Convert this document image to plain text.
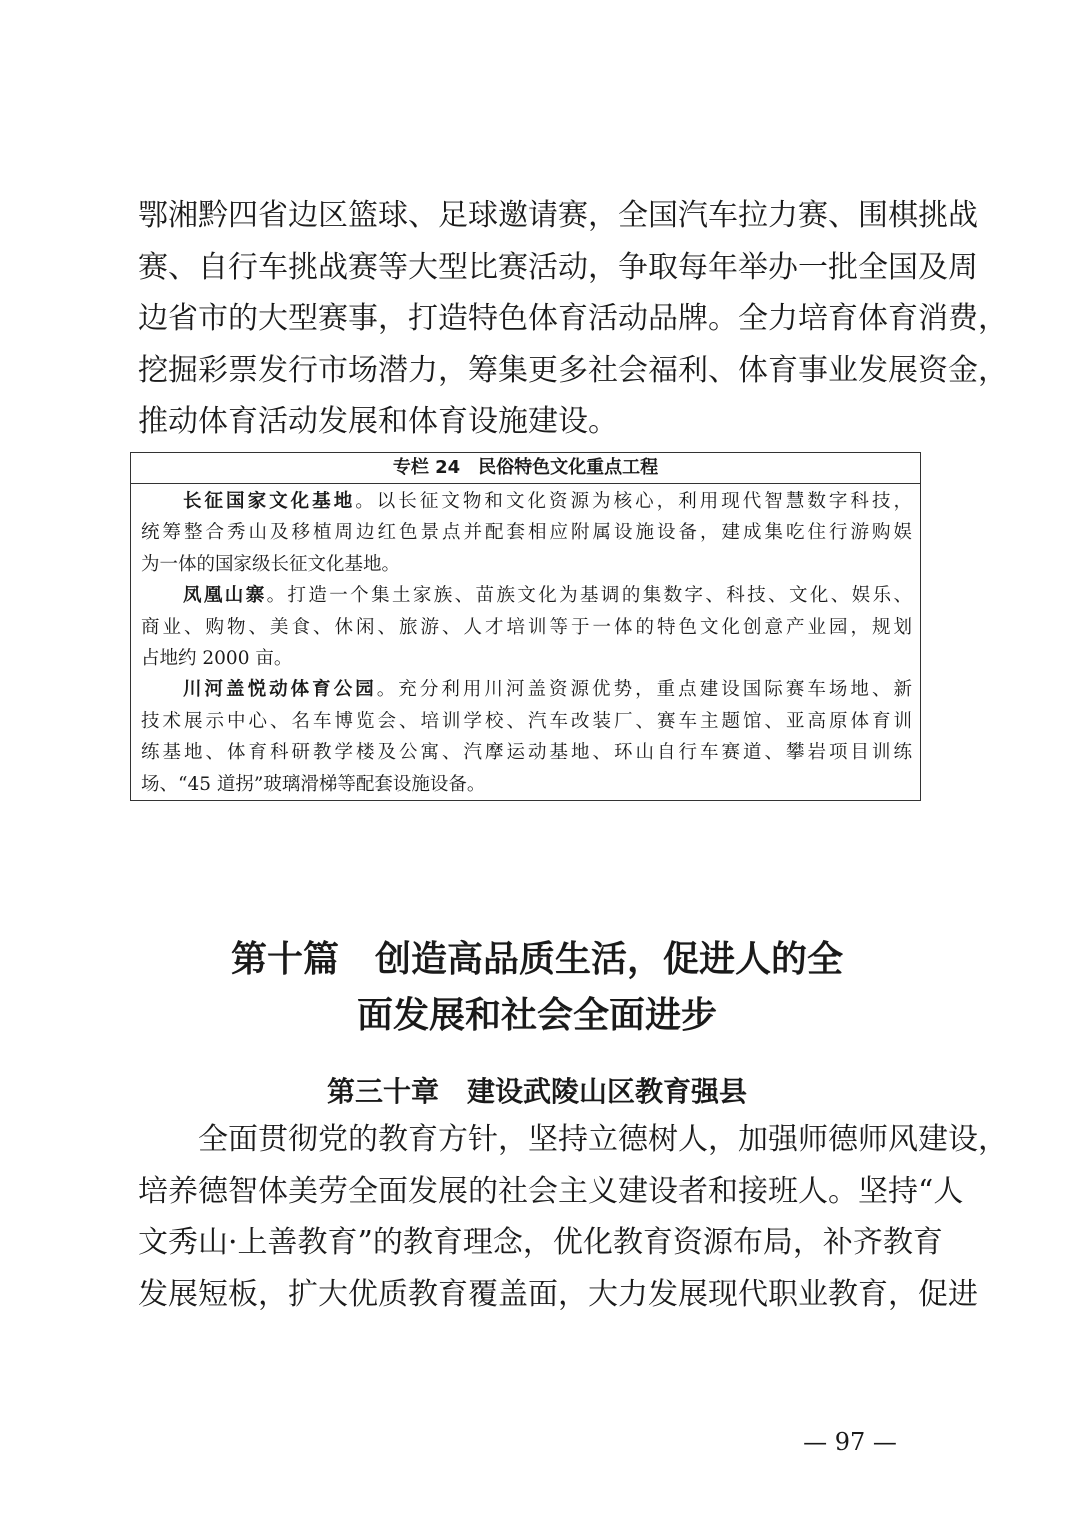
鄂湘黔四省边区篮球、足球邀请赛，全国汽车拉力赛、围棋挑战
赛、自行车挑战赛等大型比赛活动，争取每年举办一批全国及周
边省市的大型赛事，打造特色体育活动品牌。全力培育体育消费，
挖掘彩票发行市场潜力，筹集更多社会福利、体育事业发展资金，
推动体育活动发展和体育设施建设。
专栏 24　民俗特色文化重点工程
长征国家文化基地。以长征文物和文化资源为核心，利用现代智慧数字科技，
统筹整合秀山及移植周边红色景点并配套相应附属设施设备，建成集吃住行游购娱
为一体的国家级长征文化基地。
凤凰山寨。打造一个集土家族、苗族文化为基调的集数字、科技、文化、娱乐、
商业、购物、美食、休闲、旅游、人才培训等于一体的特色文化创意产业园，规划
占地约 2000 亩。
川河盖悦动体育公园。充分利用川河盖资源优势，重点建设国际赛车场地、新
技术展示中心、名车博览会、培训学校、汽车改装厂、赛车主题馆、亚高原体育训
练基地、体育科研教学楼及公寓、汽摩运动基地、环山自行车赛道、攀岩项目训练
场、“45 道拐”玻璃滑梯等配套设施设备。
第十篇　创造高品质生活，促进人的全
面发展和社会全面进步
第三十章　建设武陵山区教育强县
全面贯彻党的教育方针，坚持立德树人，加强师德师风建设，
培养德智体美劳全面发展的社会主义建设者和接班人。坚持“人
文秀山·上善教育”的教育理念，优化教育资源布局，补齐教育
发展短板，扩大优质教育覆盖面，大力发展现代职业教育，促进
— 97 —
